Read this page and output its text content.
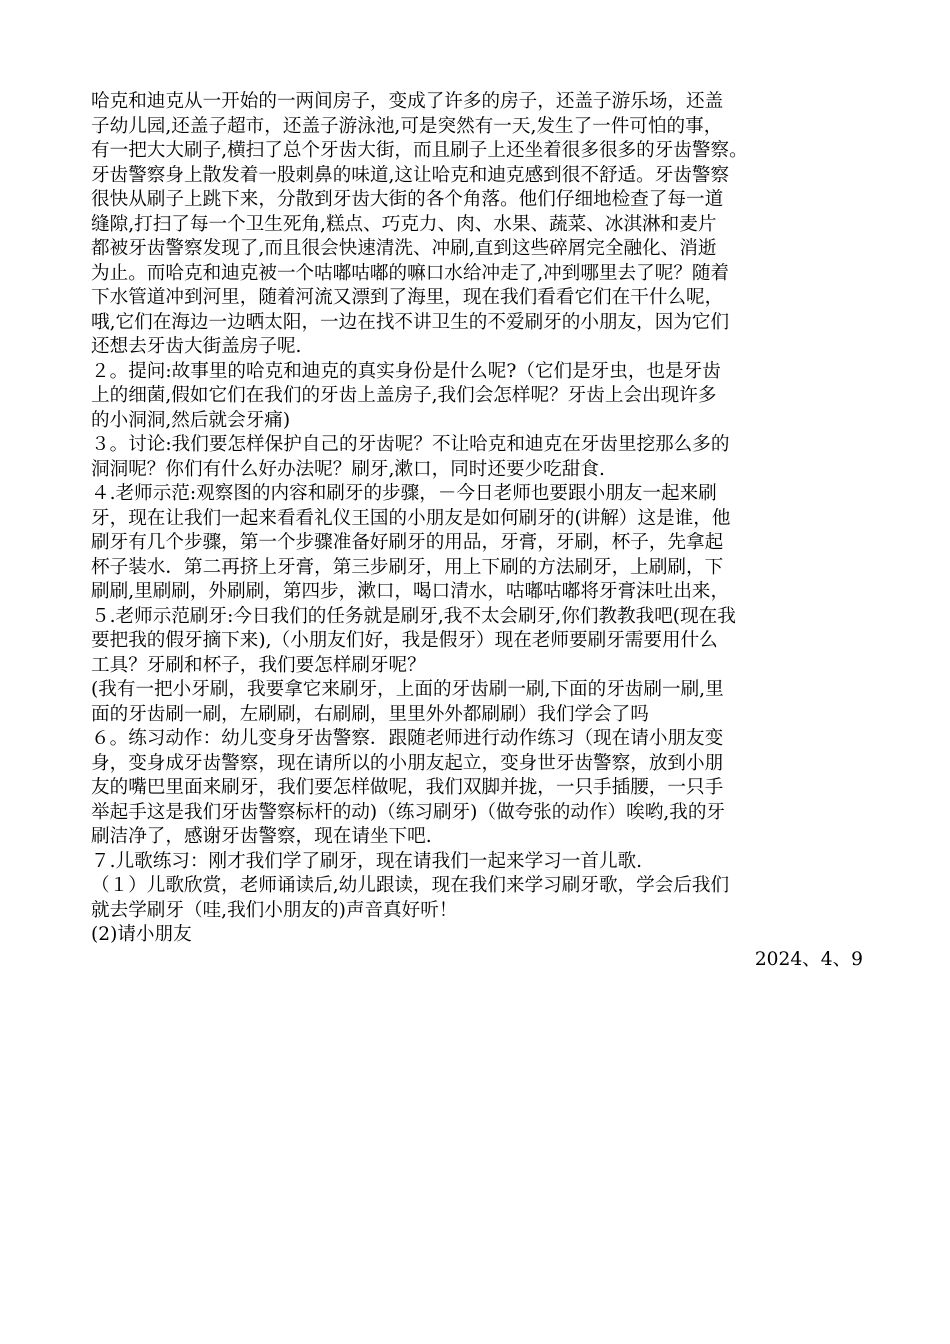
哈克和迪克从一开始的一两间房子，变成了许多的房子，还盖子游乐场，还盖
子幼儿园,还盖子超市，还盖子游泳池,可是突然有一天,发生了一件可怕的事，
有一把大大刷子,横扫了总个牙齿大街，而且刷子上还坐着很多很多的牙齿警察。
牙齿警察身上散发着一股刺鼻的味道,这让哈克和迪克感到很不舒适。牙齿警察
很快从刷子上跳下来，分散到牙齿大街的各个角落。他们仔细地检查了每一道
缝隙,打扫了每一个卫生死角,糕点、巧克力、肉、水果、蔬菜、冰淇淋和麦片
都被牙齿警察发现了,而且很会快速清洗、冲刷,直到这些碎屑完全融化、消逝
为止。而哈克和迪克被一个咕嘟咕嘟的嘛口水给冲走了,冲到哪里去了呢？随着
下水管道冲到河里，随着河流又漂到了海里，现在我们看看它们在干什么呢，
哦,它们在海边一边晒太阳，一边在找不讲卫生的不爱刷牙的小朋友，因为它们
还想去牙齿大街盖房子呢.
２。提问:故事里的哈克和迪克的真实身份是什么呢?（它们是牙虫，也是牙齿
上的细菌,假如它们在我们的牙齿上盖房子,我们会怎样呢？牙齿上会出现许多
的小洞洞,然后就会牙痛)
３。讨论:我们要怎样保护自己的牙齿呢？不让哈克和迪克在牙齿里挖那么多的
洞洞呢？你们有什么好办法呢？刷牙,漱口，同时还要少吃甜食.
４.老师示范:观察图的内容和刷牙的步骤，－今日老师也要跟小朋友一起来刷
牙，现在让我们一起来看看礼仪王国的小朋友是如何刷牙的(讲解）这是谁，他
刷牙有几个步骤，第一个步骤准备好刷牙的用品，牙膏，牙刷，杯子，先拿起
杯子装水．第二再挤上牙膏，第三步刷牙，用上下刷的方法刷牙，上刷刷，下
刷刷,里刷刷，外刷刷，第四步，漱口，喝口清水，咕嘟咕嘟将牙膏沫吐出来，
５.老师示范刷牙:今日我们的任务就是刷牙,我不太会刷牙,你们教教我吧(现在我
要把我的假牙摘下来),（小朋友们好，我是假牙）现在老师要刷牙需要用什么
工具？牙刷和杯子，我们要怎样刷牙呢？
(我有一把小牙刷，我要拿它来刷牙，上面的牙齿刷一刷,下面的牙齿刷一刷,里
面的牙齿刷一刷，左刷刷，右刷刷，里里外外都刷刷）我们学会了吗
６。练习动作：幼儿变身牙齿警察．跟随老师进行动作练习（现在请小朋友变
身，变身成牙齿警察，现在请所以的小朋友起立，变身世牙齿警察，放到小朋
友的嘴巴里面来刷牙，我们要怎样做呢，我们双脚并拢，一只手插腰，一只手
举起手这是我们牙齿警察标杆的动)（练习刷牙)（做夸张的动作）唉哟,我的牙
刷洁净了，感谢牙齿警察，现在请坐下吧.
７.儿歌练习：刚才我们学了刷牙，现在请我们一起来学习一首儿歌.
（１）儿歌欣赏，老师诵读后,幼儿跟读，现在我们来学习刷牙歌，学会后我们
就去学刷牙（哇,我们小朋友的)声音真好听！
(2)请小朋友
2024、4、9
